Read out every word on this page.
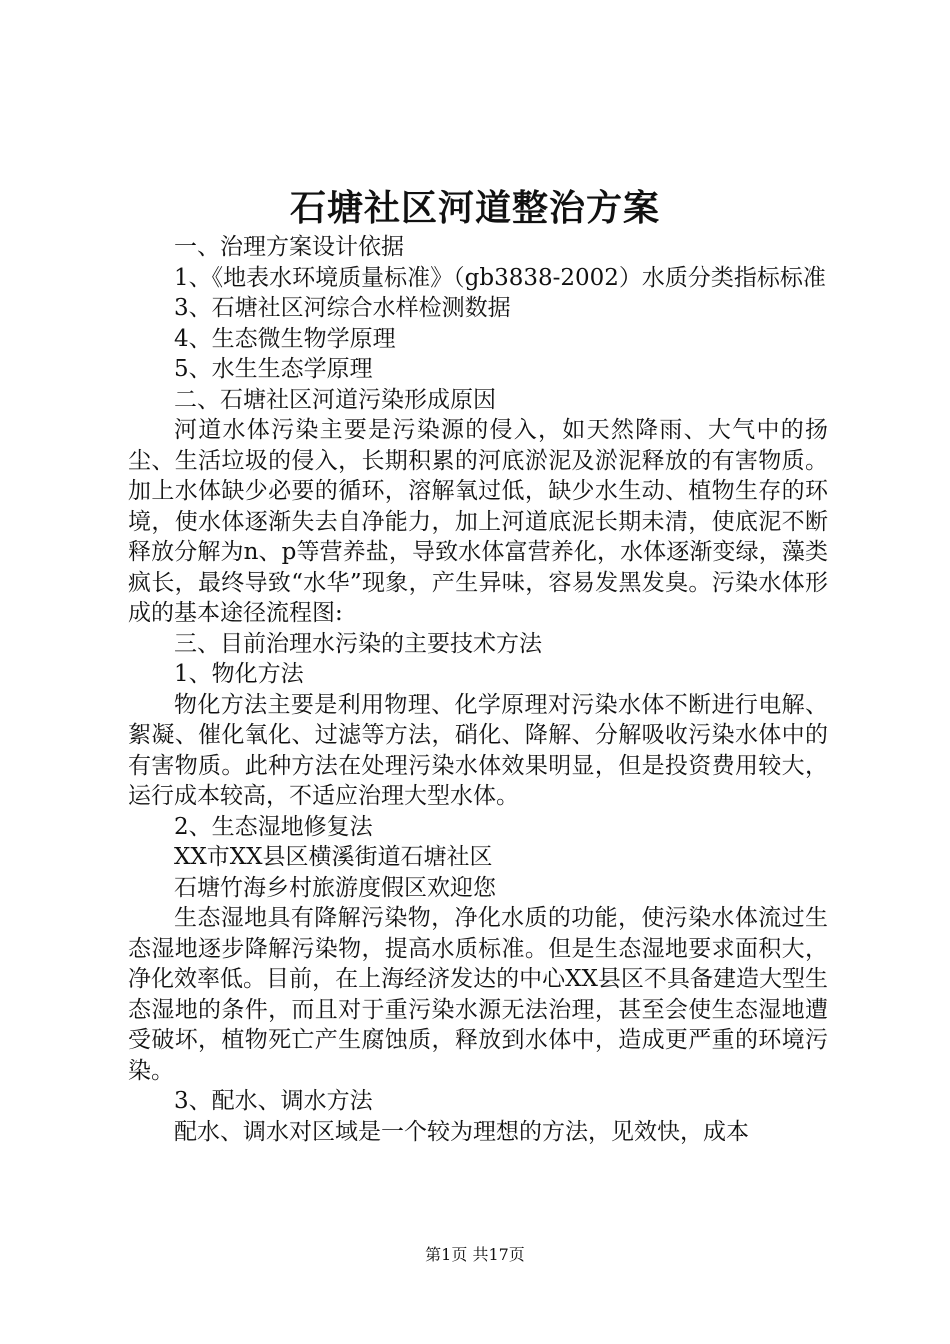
石塘社区河道整治方案

一、治理方案设计依据

1、《地表水环境质量标准》（gb3838-2002）水质分类指标标准

3、石塘社区河综合水样检测数据

4、生态微生物学原理

5、水生生态学原理

二、石塘社区河道污染形成原因

河道水体污染主要是污染源的侵入，如天然降雨、大气中的扬尘、生活垃圾的侵入，长期积累的河底淤泥及淤泥释放的有害物质。加上水体缺少必要的循环，溶解氧过低，缺少水生动、植物生存的环境，使水体逐渐失去自净能力，加上河道底泥长期未清，使底泥不断释放分解为n、p等营养盐，导致水体富营养化，水体逐渐变绿，藻类疯长，最终导致“水华”现象，产生异味，容易发黑发臭。污染水体形成的基本途径流程图:

三、目前治理水污染的主要技术方法

1、物化方法

物化方法主要是利用物理、化学原理对污染水体不断进行电解、絮凝、催化氧化、过滤等方法，硝化、降解、分解吸收污染水体中的有害物质。此种方法在处理污染水体效果明显，但是投资费用较大，运行成本较高，不适应治理大型水体。

2、生态湿地修复法

XX市XX县区横溪街道石塘社区

石塘竹海乡村旅游度假区欢迎您

生态湿地具有降解污染物，净化水质的功能，使污染水体流过生态湿地逐步降解污染物，提高水质标准。但是生态湿地要求面积大，净化效率低。目前，在上海经济发达的中心XX县区不具备建造大型生态湿地的条件，而且对于重污染水源无法治理，甚至会使生态湿地遭受破坏，植物死亡产生腐蚀质，释放到水体中，造成更严重的环境污染。

3、配水、调水方法

配水、调水对区域是一个较为理想的方法，见效快，成本

第1页 共17页
